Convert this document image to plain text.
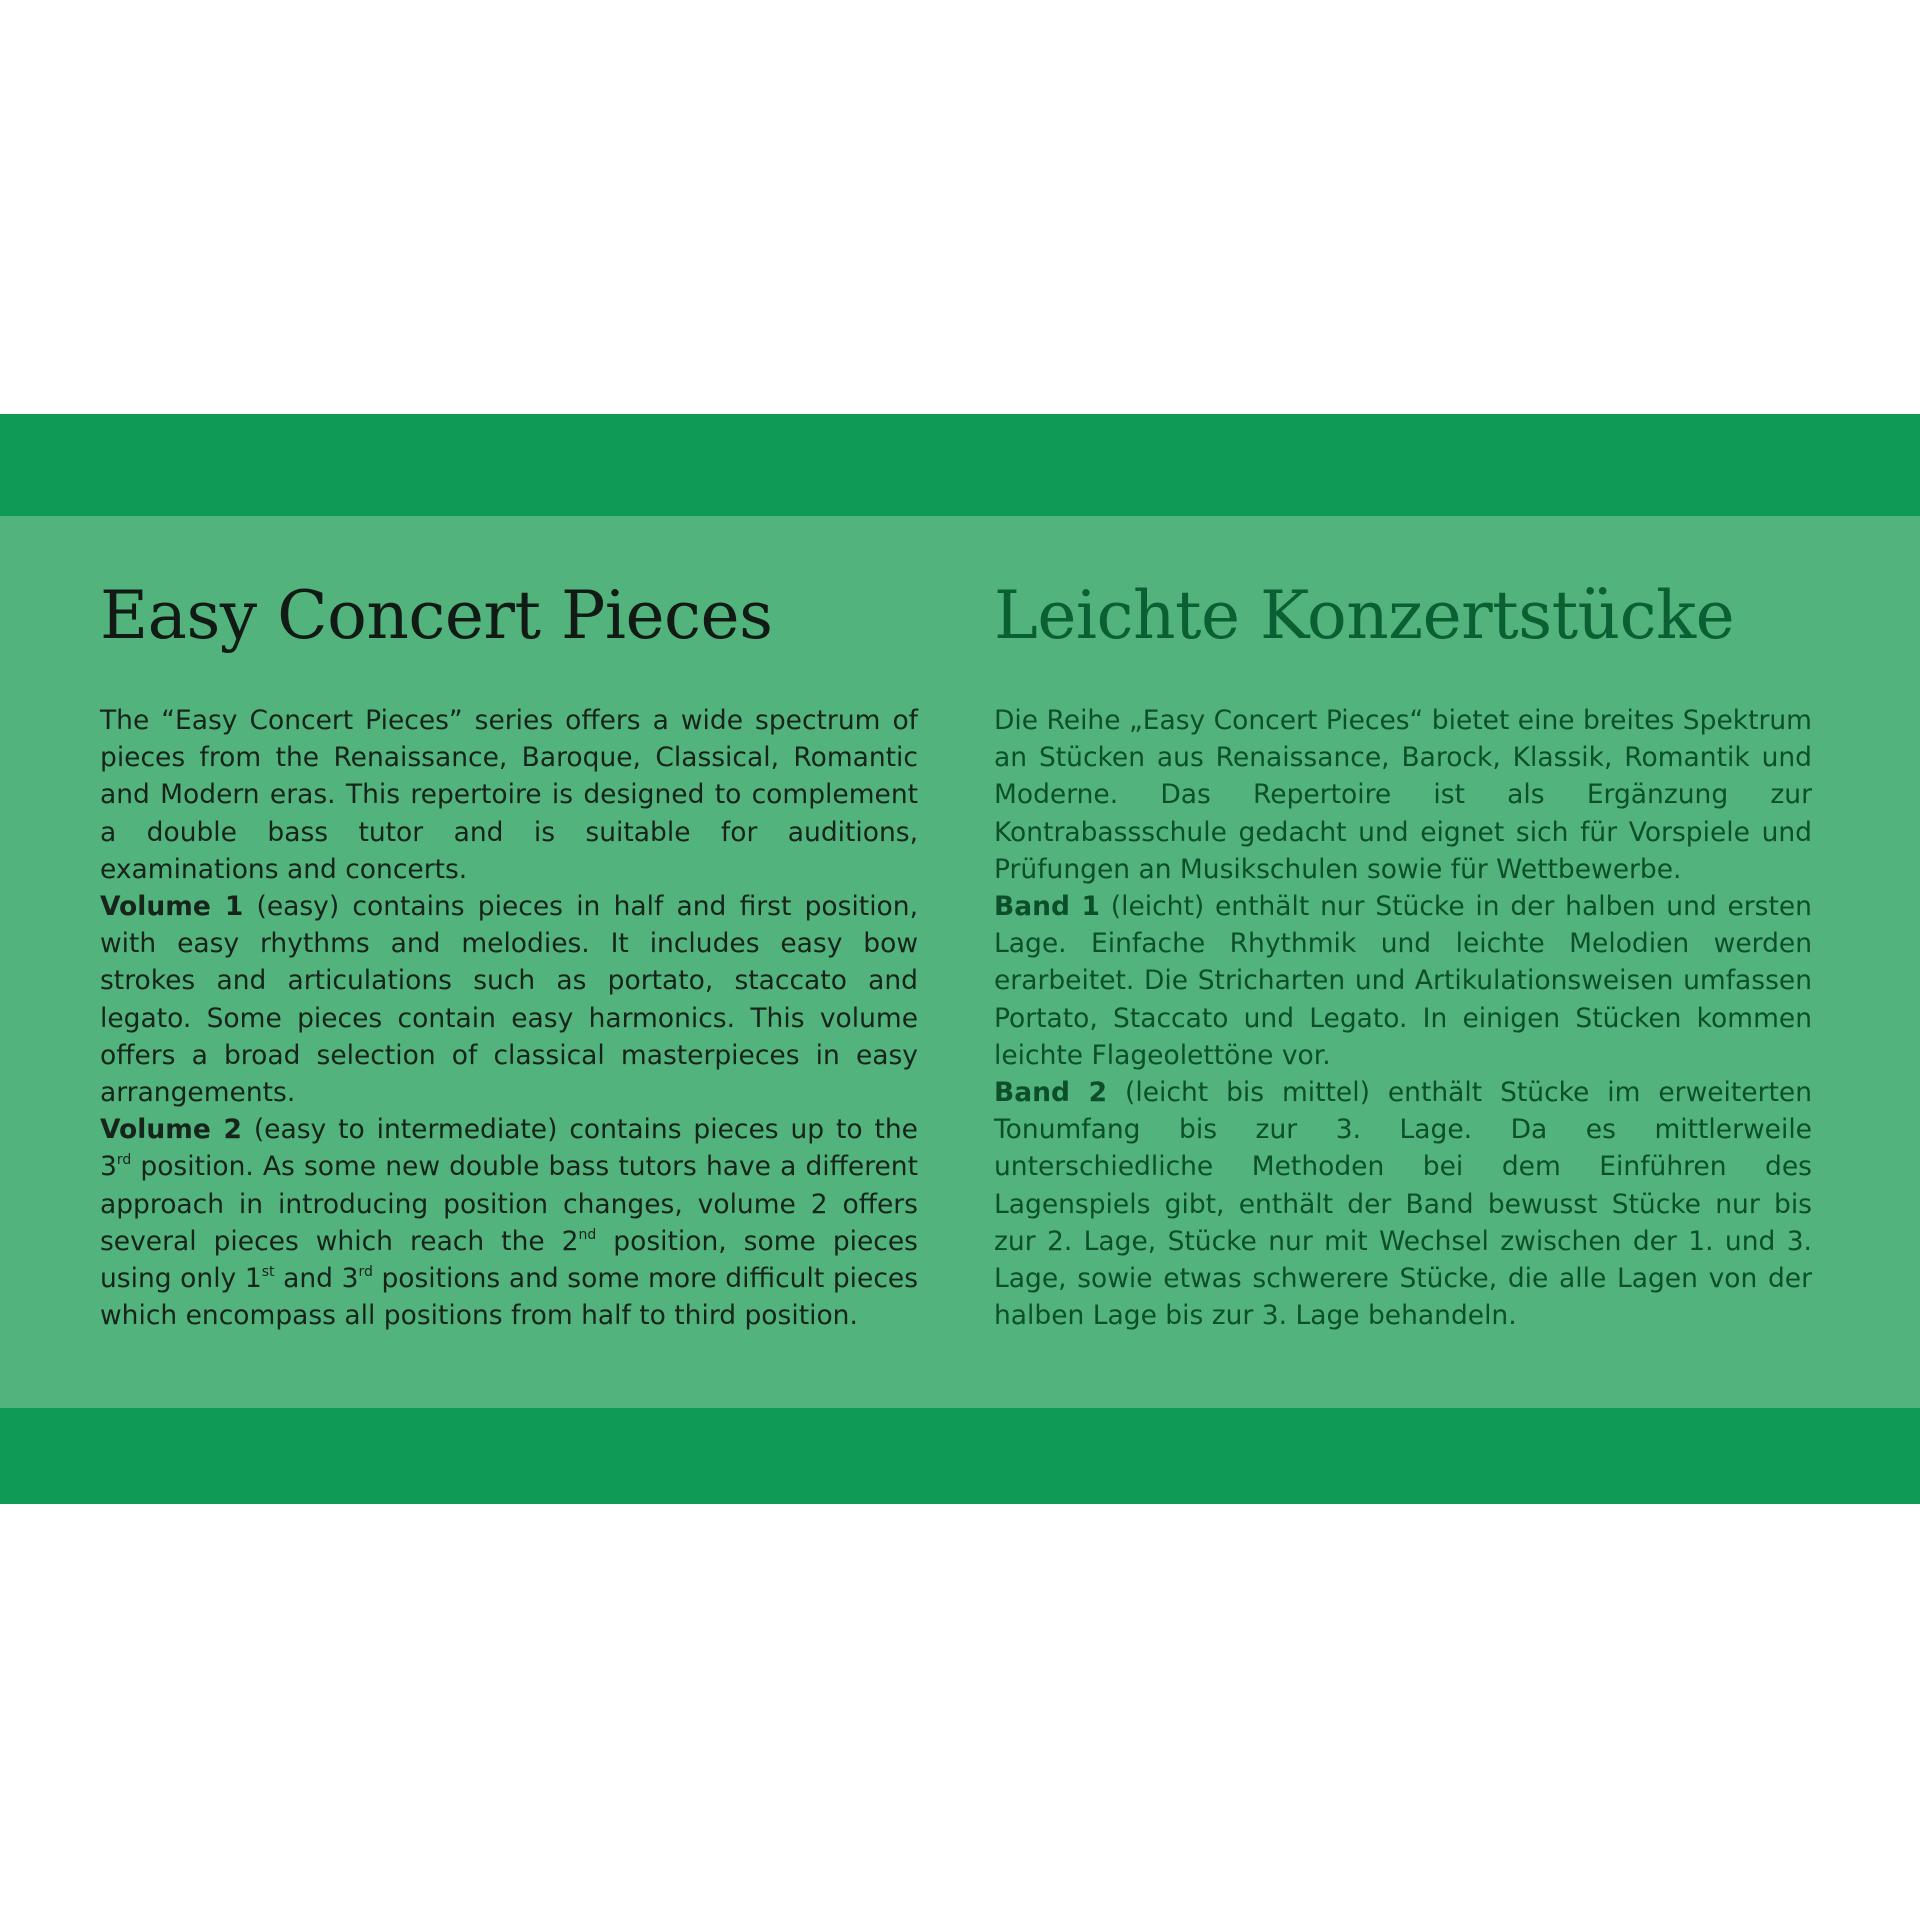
Easy Concert Pieces

The “Easy Concert Pieces” series offers a wide spectrum of pieces from the Renaissance, Baroque, Classical, Romantic and Modern eras. This repertoire is designed to complement a double bass tutor and is suitable for auditions, examinations and concerts.

Volume 1 (easy) contains pieces in half and first position, with easy rhythms and melodies. It includes easy bow strokes and articulations such as portato, staccato and legato. Some pieces contain easy harmonics. This volume offers a broad selection of classical masterpieces in easy arrangements.

Volume 2 (easy to intermediate) contains pieces up to the 3rd position. As some new double bass tutors have a different approach in introducing position changes, volume 2 offers several pieces which reach the 2nd position, some pieces using only 1st and 3rd positions and some more difficult pieces which encompass all positions from half to third position.

Leichte Konzertstücke

Die Reihe „Easy Concert Pieces“ bietet eine breites Spektrum an Stücken aus Renaissance, Barock, Klassik, Romantik und Moderne. Das Repertoire ist als Ergänzung zur Kontrabassschule gedacht und eignet sich für Vorspiele und Prüfungen an Musikschulen sowie für Wettbewerbe.

Band 1 (leicht) enthält nur Stücke in der halben und ersten Lage. Einfache Rhythmik und leichte Melodien werden erarbeitet. Die Stricharten und Artikulationsweisen umfassen Portato, Staccato und Legato. In einigen Stücken kommen leichte Flageolettöne vor.

Band 2 (leicht bis mittel) enthält Stücke im erweiterten Tonumfang bis zur 3. Lage. Da es mittlerweile unterschiedliche Methoden bei dem Einführen des Lagenspiels gibt, enthält der Band bewusst Stücke nur bis zur 2. Lage, Stücke nur mit Wechsel zwischen der 1. und 3. Lage, sowie etwas schwerere Stücke, die alle Lagen von der halben Lage bis zur 3. Lage behandeln.
